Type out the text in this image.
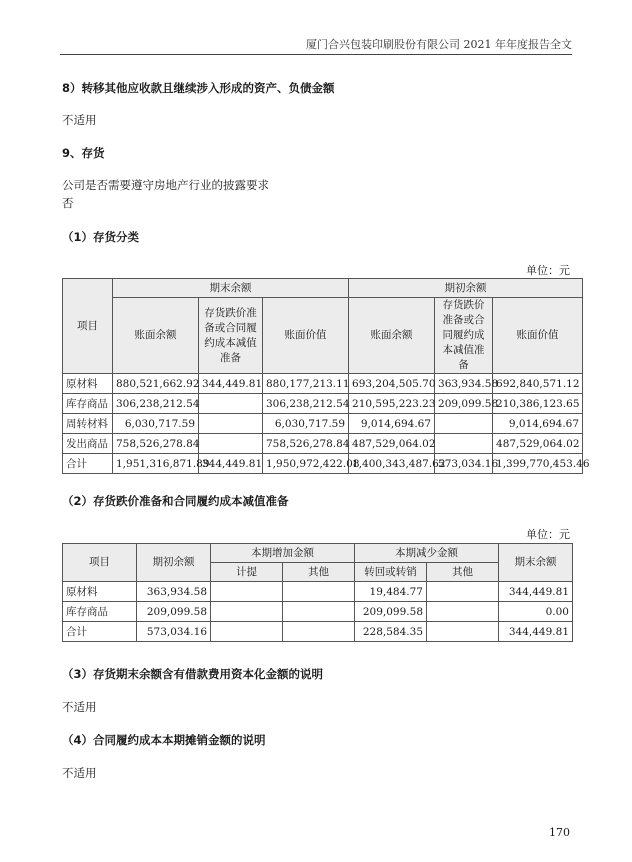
厦门合兴包装印刷股份有限公司 2021 年年度报告全文
8）转移其他应收款且继续涉入形成的资产、负债金额
不适用
9、存货
公司是否需要遵守房地产行业的披露要求
否
（1）存货分类
单位：元
项目	期末余额			期初余额		
	账面余额	存货跌价准备或合同履约成本减值准备	账面价值	账面余额	存货跌价准备或合同履约成本减值准备	账面价值
原材料	880,521,662.92	344,449.81	880,177,213.11	693,204,505.70	363,934.58	692,840,571.12
库存商品	306,238,212.54		306,238,212.54	210,595,223.23	209,099.58	210,386,123.65
周转材料	6,030,717.59		6,030,717.59	9,014,694.67		9,014,694.67
发出商品	758,526,278.84		758,526,278.84	487,529,064.02		487,529,064.02
合计	1,951,316,871.89	344,449.81	1,950,972,422.08	1,400,343,487.62	573,034.16	1,399,770,453.46
（2）存货跌价准备和合同履约成本减值准备
单位：元
项目	期初余额	本期增加金额		本期减少金额		期末余额
		计提	其他	转回或转销	其他	
原材料	363,934.58			19,484.77		344,449.81
库存商品	209,099.58			209,099.58		0.00
合计	573,034.16			228,584.35		344,449.81
（3）存货期末余额含有借款费用资本化金额的说明
不适用
（4）合同履约成本本期摊销金额的说明
不适用
170
